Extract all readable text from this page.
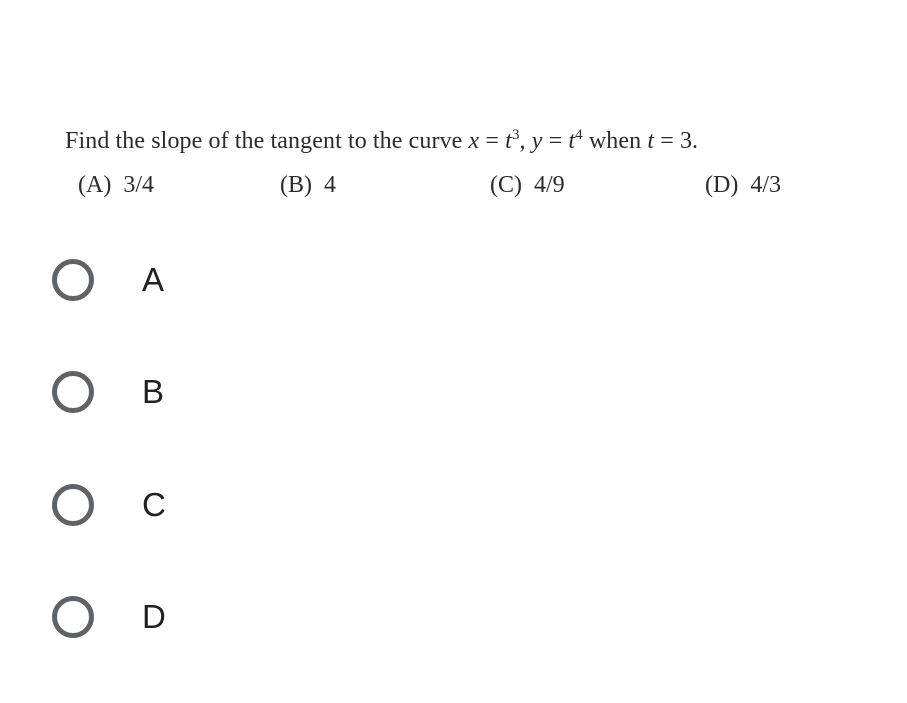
Find the slope of the tangent to the curve $x = t^3$, $y = t^4$ when t = 3.
(A) 3/4	(B) 4	(C) 4/9	(D) 4/3
A
B
C
D
